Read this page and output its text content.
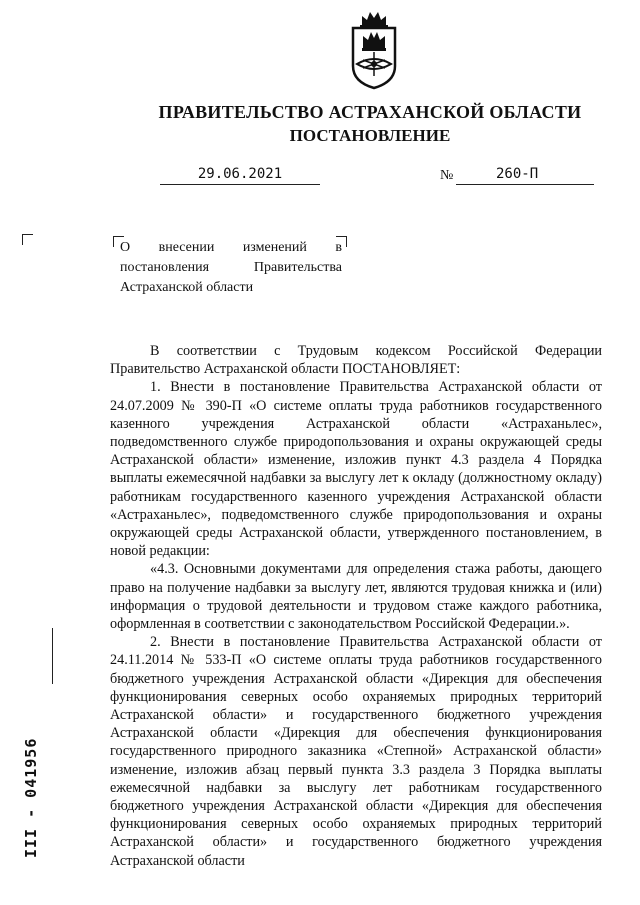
ПРАВИТЕЛЬСТВО АСТРАХАНСКОЙ ОБЛАСТИ
ПОСТАНОВЛЕНИЕ
29.06.2021	№	260-П
О внесении изменений в постановления Правительства Астраханской области

В соответствии с Трудовым кодексом Российской Федерации Правительство Астраханской области ПОСТАНОВЛЯЕТ:

1. Внести в постановление Правительства Астраханской области от 24.07.2009 № 390-П «О системе оплаты труда работников государственного казенного учреждения Астраханской области «Астраханьлес», подведомственного службе природопользования и охраны окружающей среды Астраханской области» изменение, изложив пункт 4.3 раздела 4 Порядка выплаты ежемесячной надбавки за выслугу лет к окладу (должностному окладу) работникам государственного казенного учреждения Астраханской области «Астраханьлес», подведомственного службе природопользования и охраны окружающей среды Астраханской области, утвержденного постановлением, в новой редакции:

«4.3. Основными документами для определения стажа работы, дающего право на получение надбавки за выслугу лет, являются трудовая книжка и (или) информация о трудовой деятельности и трудовом стаже каждого работника, оформленная в соответствии с законодательством Российской Федерации.».

2. Внести в постановление Правительства Астраханской области от 24.11.2014 № 533-П «О системе оплаты труда работников государственного бюджетного учреждения Астраханской области «Дирекция для обеспечения функционирования северных особо охраняемых природных территорий Астраханской области» и государственного бюджетного учреждения Астраханской области «Дирекция для обеспечения функционирования государственного природного заказника «Степной» Астраханской области» изменение, изложив абзац первый пункта 3.3 раздела 3 Порядка выплаты ежемесячной надбавки за выслугу лет работникам государственного бюджетного учреждения Астраханской области «Дирекция для обеспечения функционирования северных особо охраняемых природных территорий Астраханской области» и государственного бюджетного учреждения Астраханской области

III - 041956
